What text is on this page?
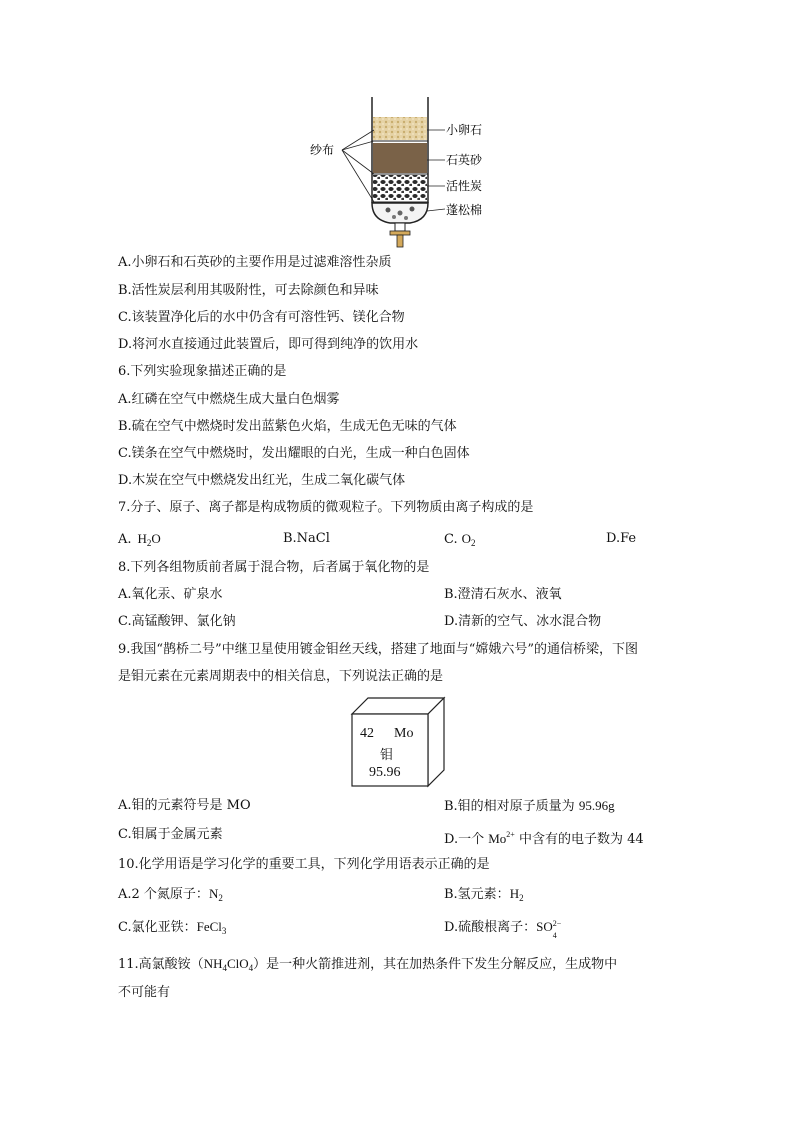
纱布
小卵石
石英砂
活性炭
蓬松棉
A.小卵石和石英砂的主要作用是过滤难溶性杂质
B.活性炭层利用其吸附性，可去除颜色和异味
C.该装置净化后的水中仍含有可溶性钙、镁化合物
D.将河水直接通过此装置后，即可得到纯净的饮用水
6.下列实验现象描述正确的是
A.红磷在空气中燃烧生成大量白色烟雾
B.硫在空气中燃烧时发出蓝紫色火焰，生成无色无味的气体
C.镁条在空气中燃烧时，发出耀眼的白光，生成一种白色固体
D.木炭在空气中燃烧发出红光，生成二氧化碳气体
7.分子、原子、离子都是构成物质的微观粒子。下列物质由离子构成的是
A. $H_2O$	B.NaCl	C. $O_2$	D.Fe
8.下列各组物质前者属于混合物，后者属于氧化物的是
A.氧化汞、矿泉水	B.澄清石灰水、液氧
C.高锰酸钾、氯化钠	D.清新的空气、冰水混合物
9.我国“鹊桥二号”中继卫星使用镀金钼丝天线，搭建了地面与“嫦娥六号”的通信桥梁，下图
是钼元素在元素周期表中的相关信息，下列说法正确的是
42 Mo
钼
95.96
A.钼的元素符号是 MO	B.钼的相对原子质量为 95.96g
C.钼属于金属元素	D.一个 $Mo^{2+}$ 中含有的电子数为 44
10.化学用语是学习化学的重要工具，下列化学用语表示正确的是
A.2 个氮原子：$N_2$	B.氢元素：$H_2$
C.氯化亚铁：FeCl$_3$	D.硫酸根离子：SO 2−
4
11.高氯酸铵$(NH_4ClO_4)$是一种火箭推进剂，其在加热条件下发生分解反应，生成物中
不可能有
